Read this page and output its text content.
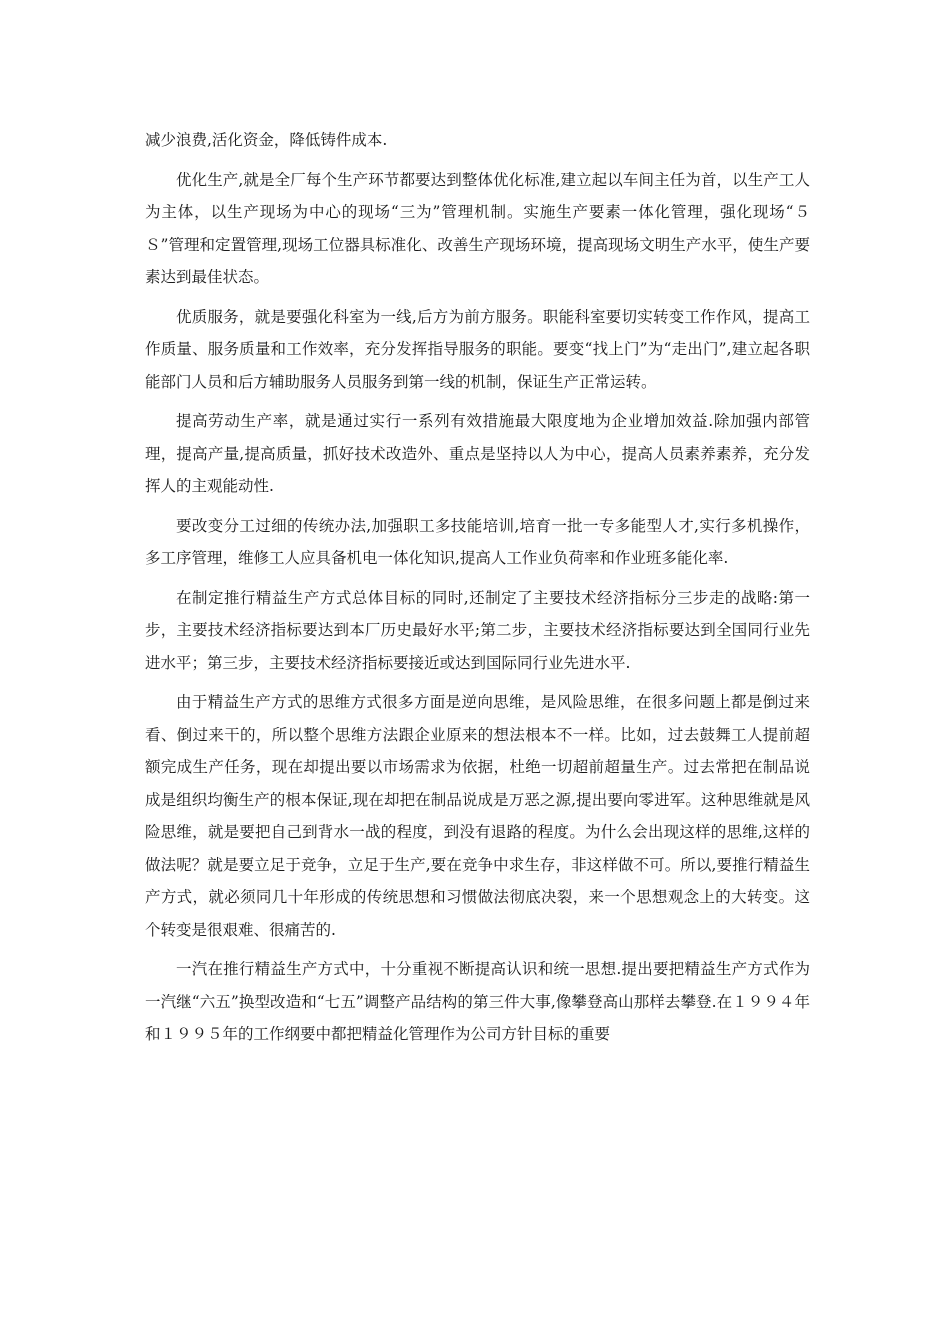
减少浪费,活化资金，降低铸件成本.

优化生产,就是全厂每个生产环节都要达到整体优化标准,建立起以车间主任为首，以生产工人为主体，以生产现场为中心的现场“三为”管理机制。实施生产要素一体化管理，强化现场“５Ｓ”管理和定置管理,现场工位器具标准化、改善生产现场环境，提高现场文明生产水平，使生产要素达到最佳状态。

优质服务，就是要强化科室为一线,后方为前方服务。职能科室要切实转变工作作风，提高工作质量、服务质量和工作效率，充分发挥指导服务的职能。要变“找上门”为“走出门”,建立起各职能部门人员和后方辅助服务人员服务到第一线的机制，保证生产正常运转。

提高劳动生产率，就是通过实行一系列有效措施最大限度地为企业增加效益.除加强内部管理，提高产量,提高质量，抓好技术改造外、重点是坚持以人为中心，提高人员素养素养，充分发挥人的主观能动性.

要改变分工过细的传统办法,加强职工多技能培训,培育一批一专多能型人才,实行多机操作，多工序管理，维修工人应具备机电一体化知识,提高人工作业负荷率和作业班多能化率.

在制定推行精益生产方式总体目标的同时,还制定了主要技术经济指标分三步走的战略:第一步，主要技术经济指标要达到本厂历史最好水平;第二步，主要技术经济指标要达到全国同行业先进水平；第三步，主要技术经济指标要接近或达到国际同行业先进水平.

由于精益生产方式的思维方式很多方面是逆向思维，是风险思维，在很多问题上都是倒过来看、倒过来干的，所以整个思维方法跟企业原来的想法根本不一样。比如，过去鼓舞工人提前超额完成生产任务，现在却提出要以市场需求为依据，杜绝一切超前超量生产。过去常把在制品说成是组织均衡生产的根本保证,现在却把在制品说成是万恶之源,提出要向零进军。这种思维就是风险思维，就是要把自己到背水一战的程度，到没有退路的程度。为什么会出现这样的思维,这样的做法呢？就是要立足于竞争，立足于生产,要在竞争中求生存，非这样做不可。所以,要推行精益生产方式，就必须同几十年形成的传统思想和习惯做法彻底决裂，来一个思想观念上的大转变。这个转变是很艰难、很痛苦的.

一汽在推行精益生产方式中，十分重视不断提高认识和统一思想.提出要把精益生产方式作为一汽继“六五”换型改造和“七五”调整产品结构的第三件大事,像攀登高山那样去攀登.在１９９４年和１９９５年的工作纲要中都把精益化管理作为公司方针目标的重要
